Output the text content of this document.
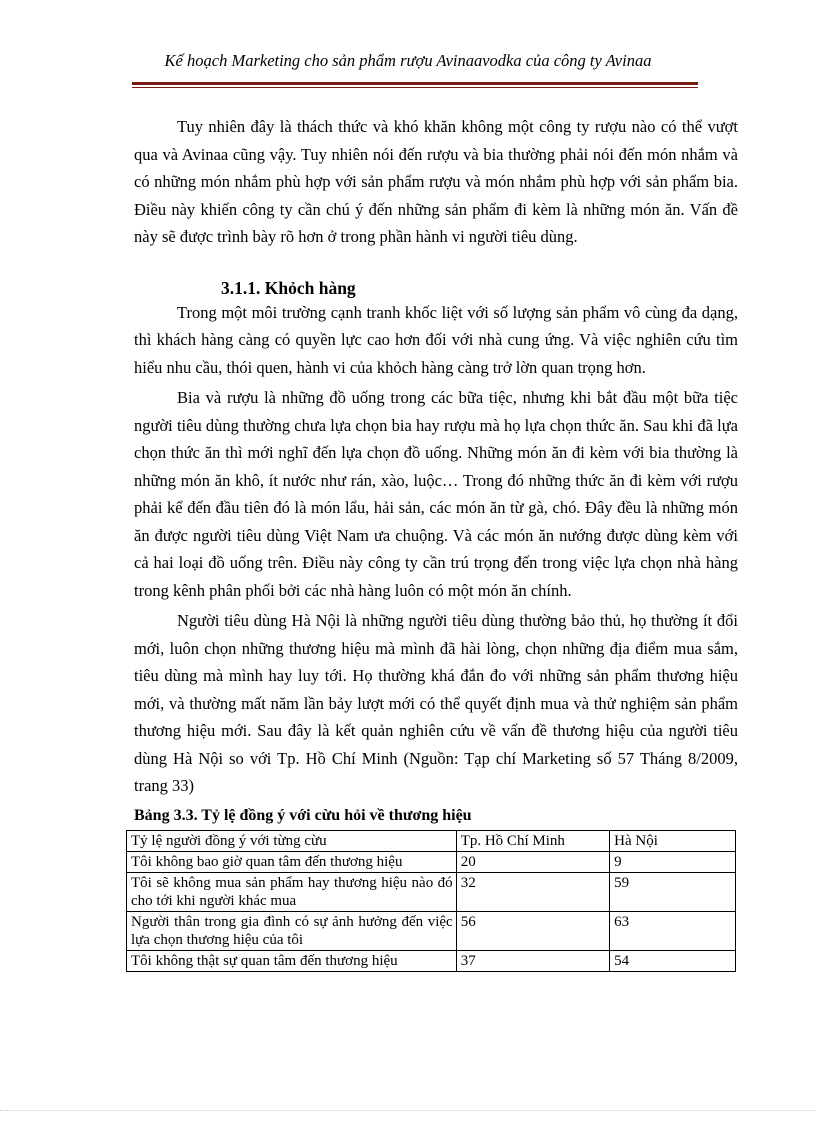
Kế hoạch Marketing cho sản phẩm rượu Avinaavodka của công ty Avinaa

Tuy nhiên đây là thách thức và khó khăn không một công ty rượu nào có thể vượt qua và Avinaa cũng vậy. Tuy nhiên nói đến rượu và bia thường phải nói đến món nhắm và có những món nhắm phù hợp với sản phẩm rượu và món nhắm phù hợp với sản phẩm bia. Điều này khiến công ty cần chú ý đến những sản phẩm đi kèm là những món ăn. Vấn đề này sẽ được trình bày rõ hơn ở trong phần hành vi người tiêu dùng.

3.1.1. Khỏch hàng

Trong một môi trường cạnh tranh khốc liệt với số lượng sản phẩm vô cùng đa dạng, thì khách hàng càng có quyền lực cao hơn đối với nhà cung ứng. Và việc nghiên cứu tìm hiểu nhu cầu, thói quen, hành vi của khỏch hàng càng trở lờn quan trọng hơn.

Bia và rượu là những đồ uống trong các bữa tiệc, nhưng khi bắt đầu một bữa tiệc người tiêu dùng thường chưa lựa chọn bia hay rượu mà họ lựa chọn thức ăn. Sau khi đã lựa chọn thức ăn thì mới nghĩ đến lựa chọn đồ uống. Những món ăn đi kèm với bia thường là những món ăn khô, ít nước như rán, xào, luộc… Trong đó những thức ăn đi kèm với rượu phải kể đến đầu tiên đó là món lẩu, hải sản, các món ăn từ gà, chó. Đây đều là những món ăn được người tiêu dùng Việt Nam ưa chuộng. Và các món ăn nướng được dùng kèm với cả hai loại đồ uống trên. Điều này công ty cần trú trọng đến trong việc lựa chọn nhà hàng trong kênh phân phối bởi các nhà hàng luôn có một món ăn chính.

Người tiêu dùng Hà Nội là những người tiêu dùng thường bảo thủ, họ thường ít đổi mới, luôn chọn những thương hiệu mà mình đã hài lòng, chọn những địa điểm mua sắm, tiêu dùng mà mình hay luy tới. Họ thường khá đắn đo với những sản phẩm thương hiệu mới, và thường mất năm lần bảy lượt mới có thể quyết định mua và thử nghiệm sản phẩm thương hiệu mới. Sau đây là kết quản nghiên cứu về vấn đề thương hiệu của người tiêu dùng Hà Nội so với Tp. Hồ Chí Minh (Nguồn: Tạp chí Marketing số 57 Tháng 8/2009, trang 33)

Bảng 3.3. Tỷ lệ đồng ý với cừu hỏi về thương hiệu
Tỷ lệ người đồng ý với từng cừu	Tp. Hồ Chí Minh	Hà Nội
Tôi không bao giờ quan tâm đến thương hiệu	20	9
Tôi sẽ không mua sản phẩm hay thương hiệu nào đó cho tới khi người khác mua	32	59
Người thân trong gia đình có sự ảnh hưởng đến việc lựa chọn thương hiệu của tôi	56	63
Tôi không thật sự quan tâm đến thương hiệu	37	54
